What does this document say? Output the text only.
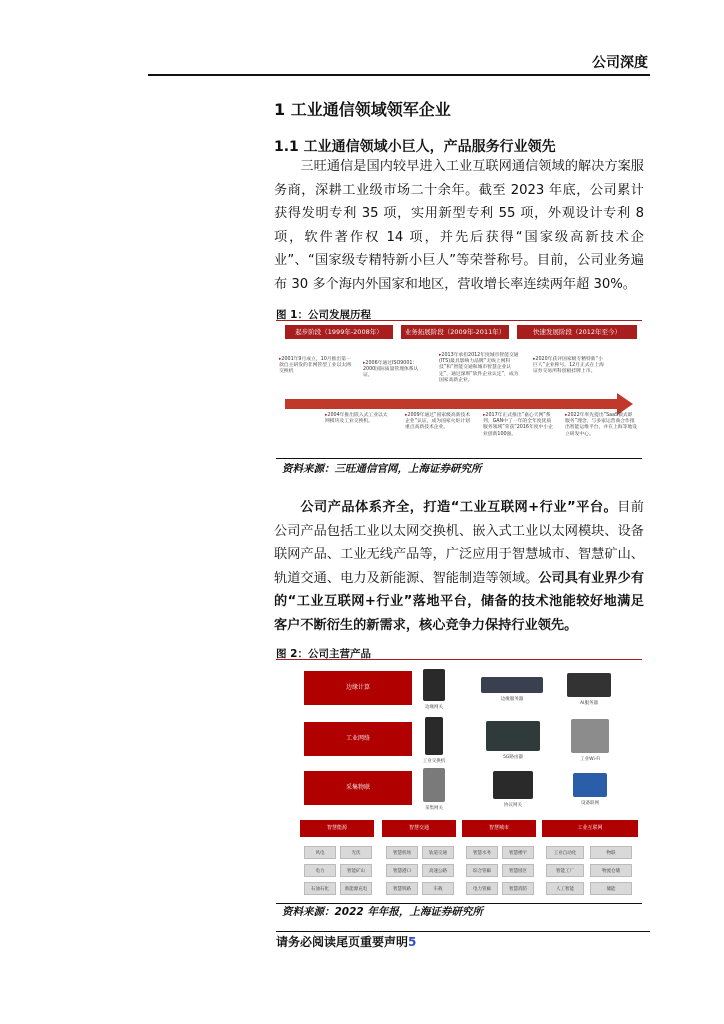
公司深度
1 工业通信领域领军企业
1.1 工业通信领域小巨人，产品服务行业领先
三旺通信是国内较早进入工业互联网通信领域的解决方案服务商，深耕工业级市场二十余年。截至 2023 年底，公司累计获得发明专利 35 项，实用新型专利 55 项，外观设计专利 8 项，软件著作权 14 项，并先后获得“国家级高新技术企业”、“国家级专精特新小巨人”等荣誉称号。目前，公司业务遍布 30 多个海内外国家和地区，营收增长率连续两年超 30%。
图 1：公司发展历程
起步阶段（1999年-2008年）	业务拓展阶段（2009年-2011年）	快速发展阶段（2012年至今）
▸2001年9月成立，10月推出第一款自主研发的非网管型工业以太网交换机
▸2006年通过ISO9001：2000国际质量管理体系认证。
▸2013年承担2012年度城市智能交通(ITS)最具影响力品牌“无线上网科技”和“智能交通和城市智慧企业认定”，通过深圳“软件企业认定”，成为国家高新企业。
▸2020年获评国家级专精特新“小巨人”企业称号。12月正式在上海证券交易所科创板挂牌上市。
▸2004年推出嵌入式工业以太网模块及工业交换机。
▸2009年通过“国家级高新技术企业”认证，成为国家火炬计划重点高新技术企业。
▸2017年正式推出“嘉心天网”系列，GAN中了一年的全年度优质服务领域”荣获“2016年度中小企业创新100强。
▸2022年率先提出“SaaS模式即服务”理念，与多家运营商合作推出智能运维平台，并在上海等地设立研发中心。
资料来源：三旺通信官网，上海证券研究所
公司产品体系齐全，打造“工业互联网+行业”平台。目前公司产品包括工业以太网交换机、嵌入式工业以太网模块、设备联网产品、工业无线产品等，广泛应用于智慧城市、智慧矿山、轨道交通、电力及新能源、智能制造等领域。公司具有业界少有的“工业互联网+行业”落地平台，储备的技术池能较好地满足客户不断衍生的新需求，核心竞争力保持行业领先。
图 2：公司主营产品
边缘计算
工业网络
采集物联
边缘网关
边缘服务器
AI服务器
工业交换机
5G路由器	工业Wi-Fi
采集网关
协议网关	设备联网
智慧能源	智慧交通	智慧城市	工业互联网
风电	光伏	智慧机场	轨道交通	智慧水务	智慧楼宇	工业自动化	物联
电力	智能矿山	智慧港口	高速公路	综合管廊	智慧园区	智能工厂	物流仓储
石油石化	新能源充电	智慧铁路	车载	电力管廊	智慧消防	人工智能	储能
资料来源：2022 年年报，上海证券研究所
请务必阅读尾页重要声明5
